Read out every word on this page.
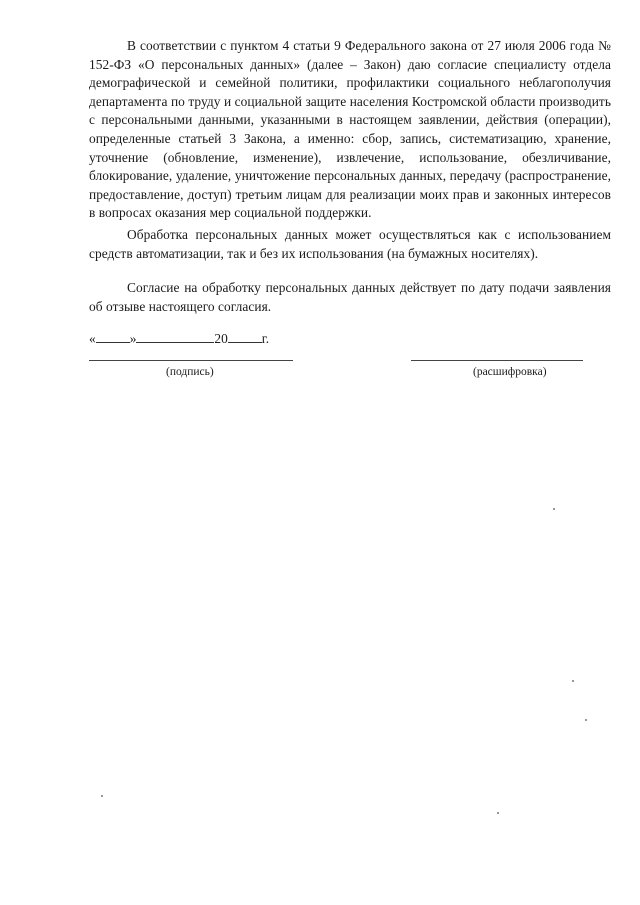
В соответствии с пунктом 4 статьи 9 Федерального закона от 27 июля 2006 года № 152-ФЗ «О персональных данных» (далее – Закон) даю согласие специалисту отдела демографической и семейной политики, профилактики социального неблагополучия департамента по труду и социальной защите населения Костромской области производить с персональными данными, указанными в настоящем заявлении, действия (операции), определенные статьей 3 Закона, а именно: сбор, запись, систематизацию, хранение, уточнение (обновление, изменение), извлечение, использование, обезличивание, блокирование, удаление, уничтожение персональных данных, передачу (распространение, предоставление, доступ) третьим лицам для реализации моих прав и законных интересов в вопросах оказания мер социальной поддержки.

Обработка персональных данных может осуществляться как с использованием средств автоматизации, так и без их использования (на бумажных носителях).

Согласие на обработку персональных данных действует по дату подачи заявления об отзыве настоящего согласия.

«	»	20	г.
(подпись)	(расшифровка)
